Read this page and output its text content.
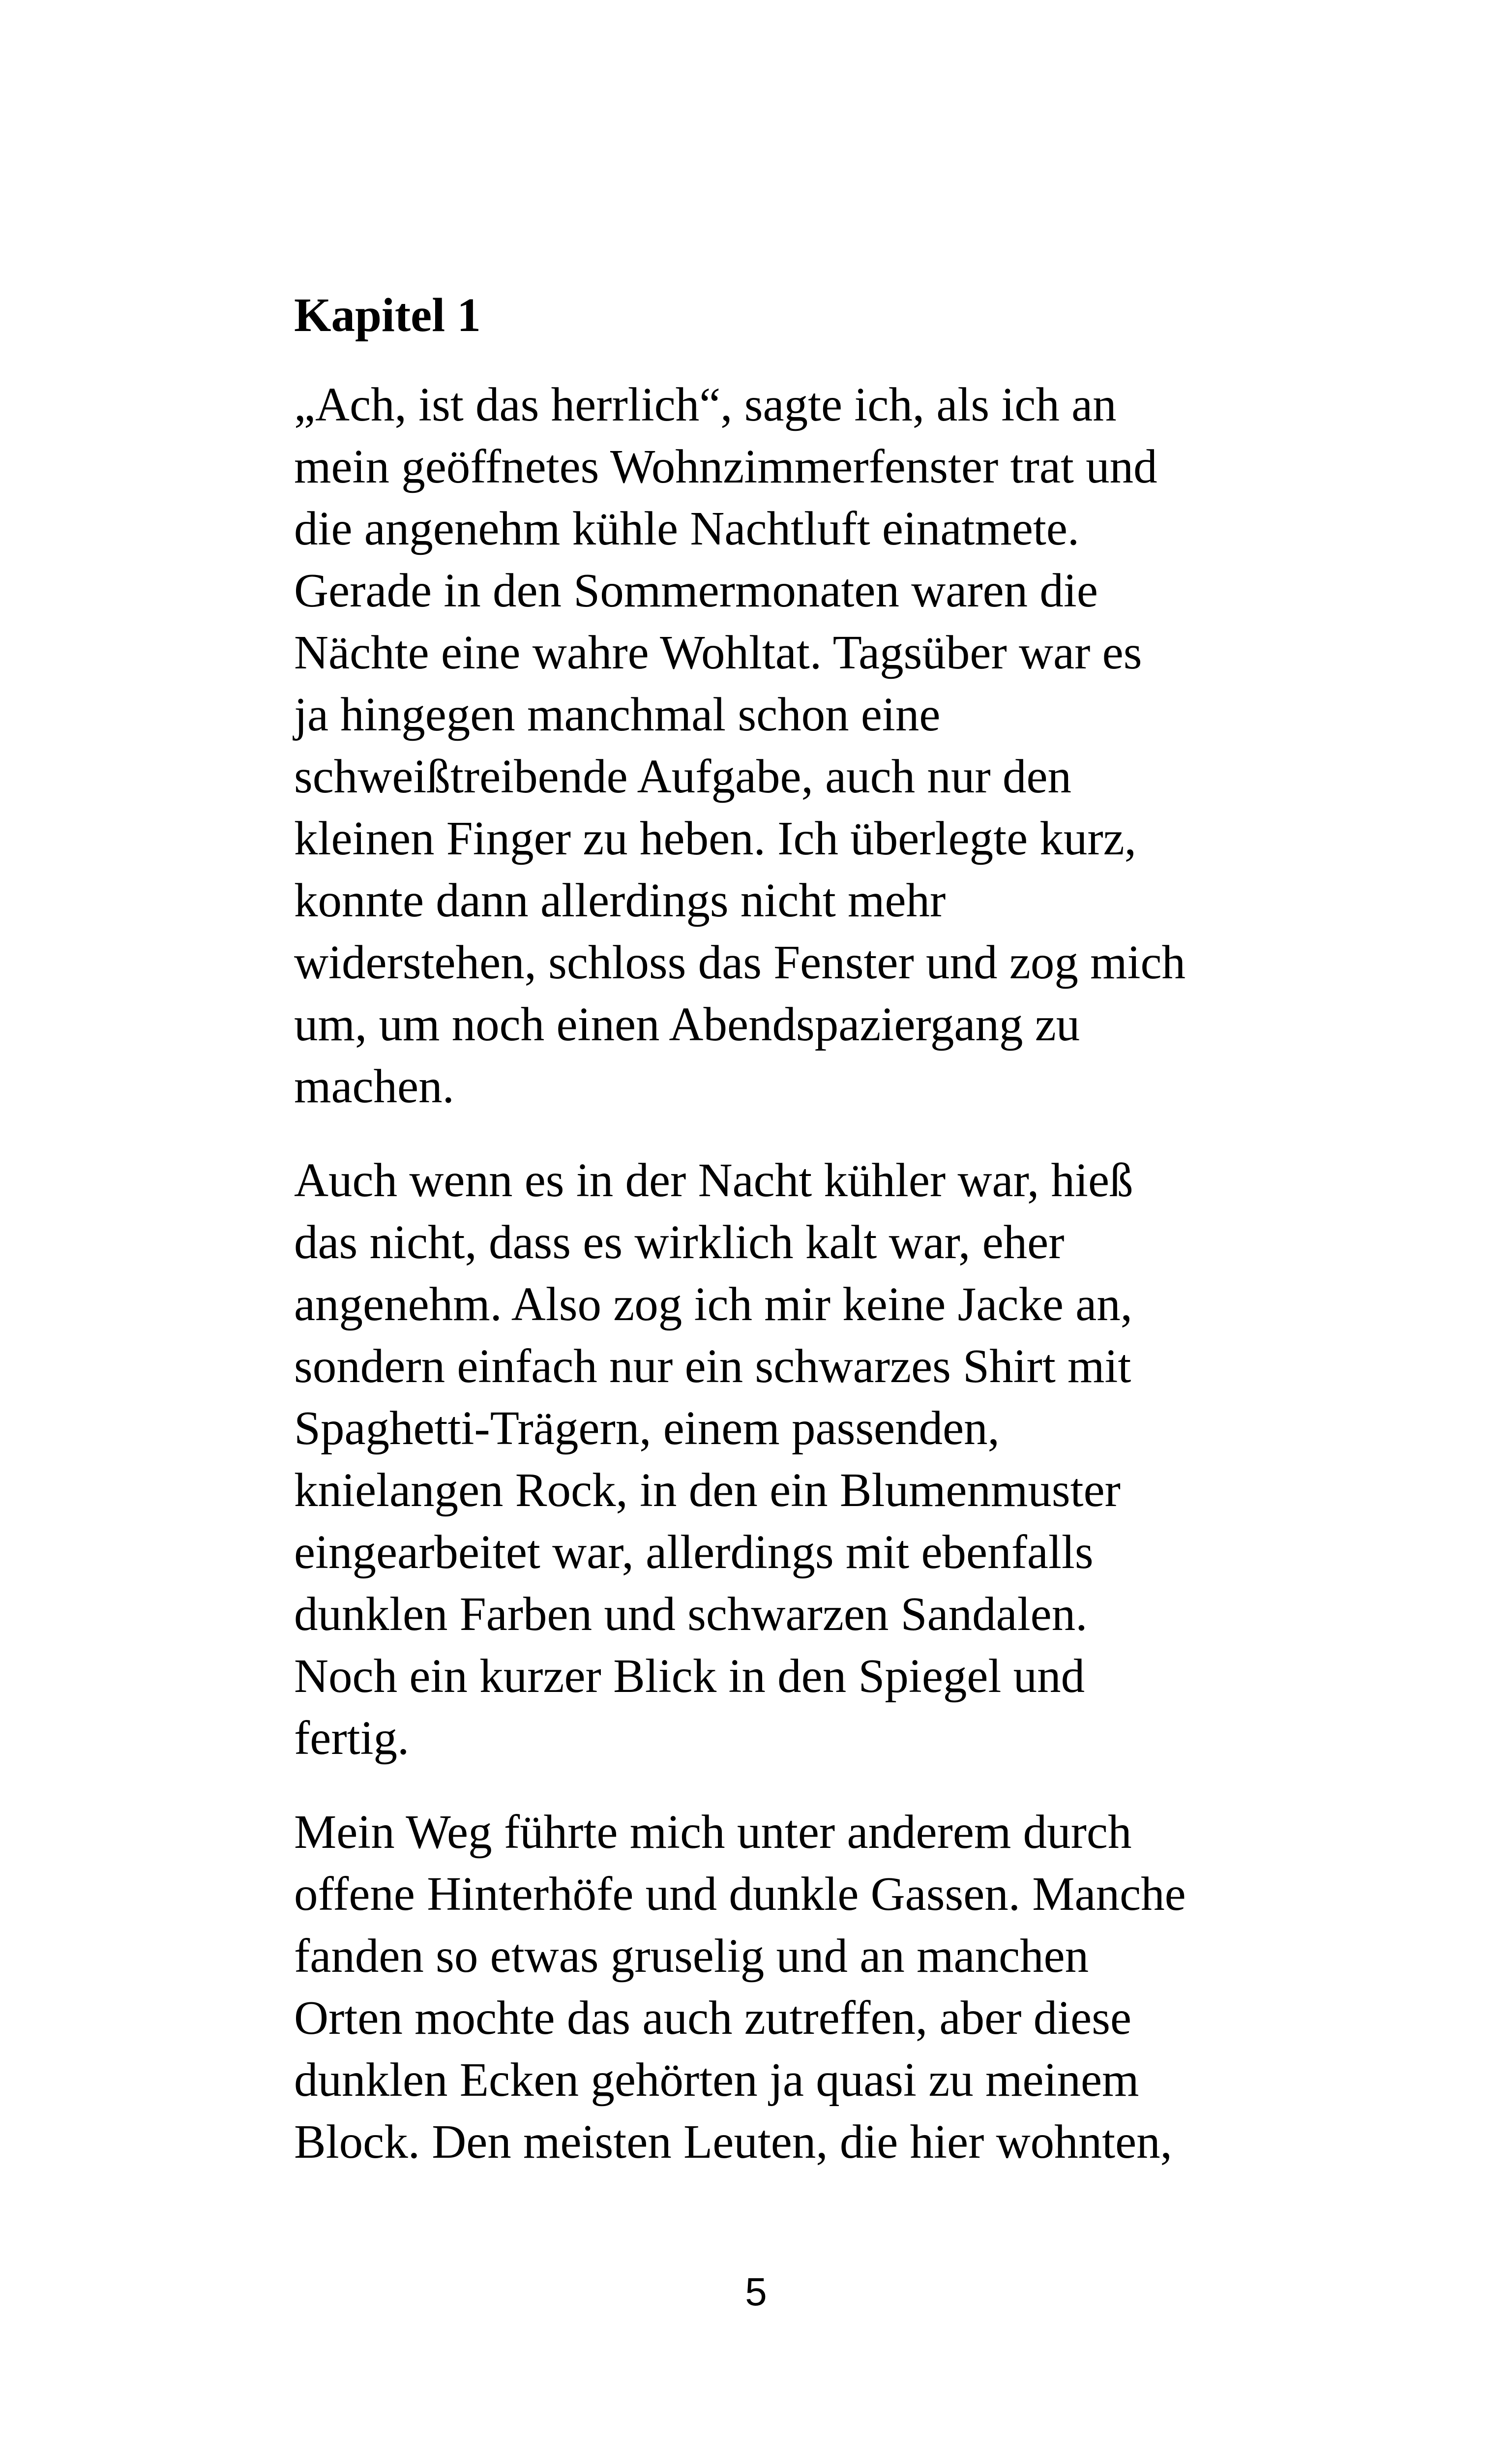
Kapitel 1

„Ach, ist das herrlich“, sagte ich, als ich an
mein geöffnetes Wohnzimmerfenster trat und
die angenehm kühle Nachtluft einatmete.
Gerade in den Sommermonaten waren die
Nächte eine wahre Wohltat. Tagsüber war es
ja hingegen manchmal schon eine
schweißtreibende Aufgabe, auch nur den
kleinen Finger zu heben. Ich überlegte kurz,
konnte dann allerdings nicht mehr
widerstehen, schloss das Fenster und zog mich
um, um noch einen Abendspaziergang zu
machen.

Auch wenn es in der Nacht kühler war, hieß
das nicht, dass es wirklich kalt war, eher
angenehm. Also zog ich mir keine Jacke an,
sondern einfach nur ein schwarzes Shirt mit
Spaghetti-Trägern, einem passenden,
knielangen Rock, in den ein Blumenmuster
eingearbeitet war, allerdings mit ebenfalls
dunklen Farben und schwarzen Sandalen.
Noch ein kurzer Blick in den Spiegel und
fertig.

Mein Weg führte mich unter anderem durch
offene Hinterhöfe und dunkle Gassen. Manche
fanden so etwas gruselig und an manchen
Orten mochte das auch zutreffen, aber diese
dunklen Ecken gehörten ja quasi zu meinem
Block. Den meisten Leuten, die hier wohnten,

5
